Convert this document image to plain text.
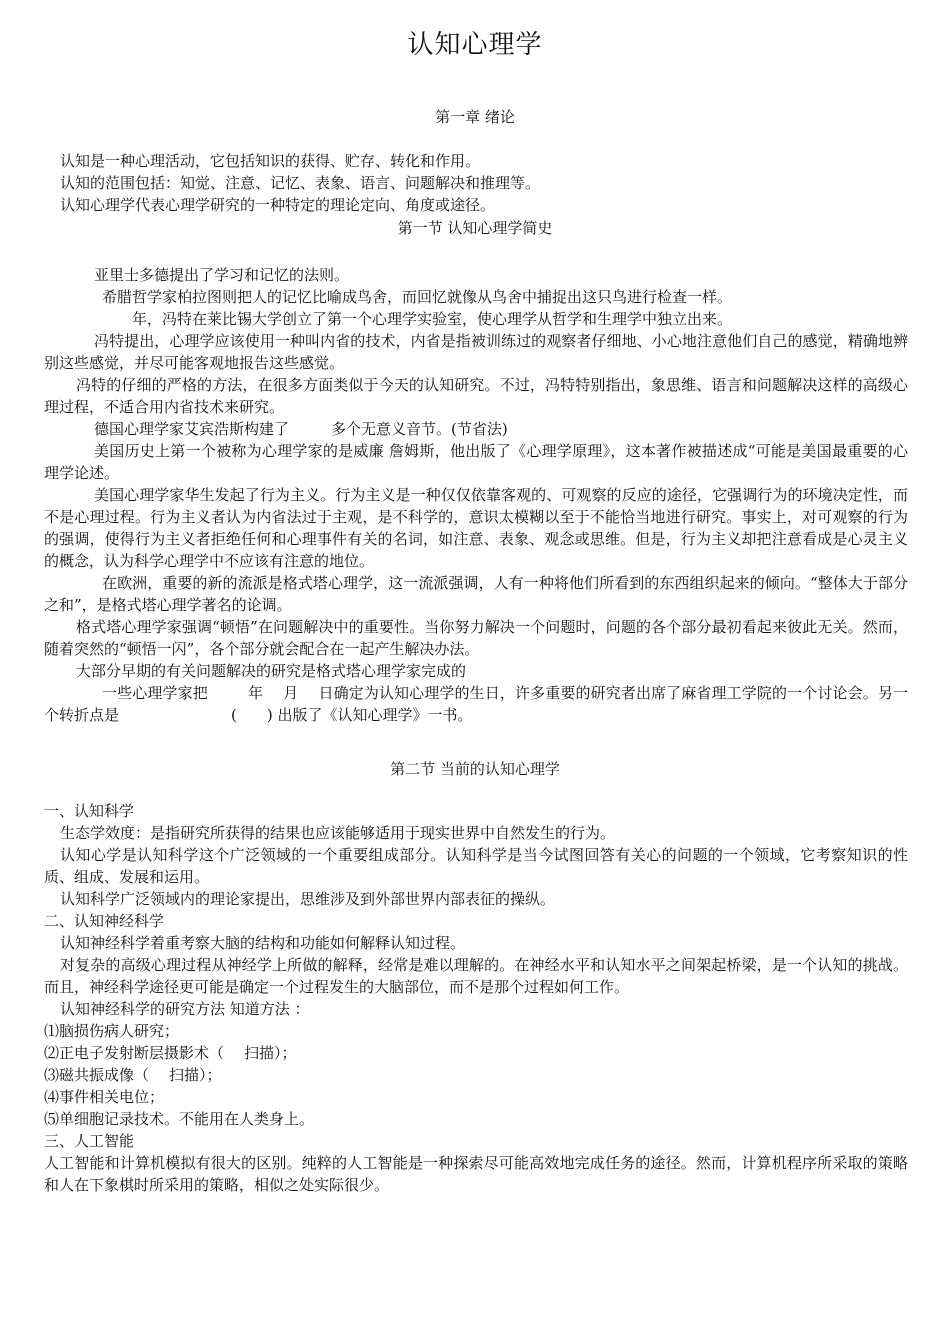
认知心理学
第一章 绪论

认知是一种心理活动，它包括知识的获得、贮存、转化和作用。

认知的范围包括：知觉、注意、记忆、表象、语言、问题解决和推理等。

认知心理学代表心理学研究的一种特定的理论定向、角度或途径。

第一节 认知心理学简史

亚里士多德提出了学习和记忆的法则。

希腊哲学家柏拉图则把人的记忆比喻成鸟舍，而回忆就像从鸟舍中捕捉出这只鸟进行检查一样。

年，冯特在莱比锡大学创立了第一个心理学实验室，使心理学从哲学和生理学中独立出来。

冯特提出，心理学应该使用一种叫内省的技术，内省是指被训练过的观察者仔细地、小心地注意他们自己的感觉，精确地辨别这些感觉，并尽可能客观地报告这些感觉。

冯特的仔细的严格的方法，在很多方面类似于今天的认知研究。不过，冯特特别指出，象思维、语言和问题解决这样的高级心理过程，不适合用内省技术来研究。

德国心理学家艾宾浩斯构建了	多个无意义音节。(节省法)

美国历史上第一个被称为心理学家的是威廉 詹姆斯，他出版了《心理学原理》，这本著作被描述成“可能是美国最重要的心理学论述。

美国心理学家华生发起了行为主义。行为主义是一种仅仅依靠客观的、可观察的反应的途径，它强调行为的环境决定性，而不是心理过程。行为主义者认为内省法过于主观，是不科学的，意识太模糊以至于不能恰当地进行研究。事实上，对可观察的行为的强调，使得行为主义者拒绝任何和心理事件有关的名词，如注意、表象、观念或思维。但是，行为主义却把注意看成是心灵主义的概念，认为科学心理学中不应该有注意的地位。

在欧洲，重要的新的流派是格式塔心理学，这一流派强调，人有一种将他们所看到的东西组织起来的倾向。“整体大于部分之和”，是格式塔心理学著名的论调。

格式塔心理学家强调“顿悟”在问题解决中的重要性。当你努力解决一个问题时，问题的各个部分最初看起来彼此无关。然而，随着突然的“顿悟一闪”，各个部分就会配合在一起产生解决办法。

大部分早期的有关问题解决的研究是格式塔心理学家完成的

一些心理学家把	年 月 日确定为认知心理学的生日，许多重要的研究者出席了麻省理工学院的一个讨论会。另一个转折点是	( ) 出版了《认知心理学》一书。

第二节 当前的认知心理学

一、认知科学

生态学效度：是指研究所获得的结果也应该能够适用于现实世界中自然发生的行为。

认知心学是认知科学这个广泛领域的一个重要组成部分。认知科学是当今试图回答有关心的问题的一个领域，它考察知识的性质、组成、发展和运用。

认知科学广泛领域内的理论家提出，思维涉及到外部世界内部表征的操纵。

二、认知神经科学

认知神经科学着重考察大脑的结构和功能如何解释认知过程。

对复杂的高级心理过程从神经学上所做的解释，经常是难以理解的。在神经水平和认知水平之间架起桥梁，是一个认知的挑战。而且，神经科学途径更可能是确定一个过程发生的大脑部位，而不是那个过程如何工作。

认知神经科学的研究方法 知道方法 ：

⑴脑损伤病人研究；

⑵正电子发射断层摄影术（ 扫描）；

⑶磁共振成像（ 扫描）；

⑷事件相关电位；

⑸单细胞记录技术。不能用在人类身上。

三、人工智能

人工智能和计算机模拟有很大的区别。纯粹的人工智能是一种探索尽可能高效地完成任务的途径。然而，计算机程序所采取的策略和人在下象棋时所采用的策略，相似之处实际很少。
